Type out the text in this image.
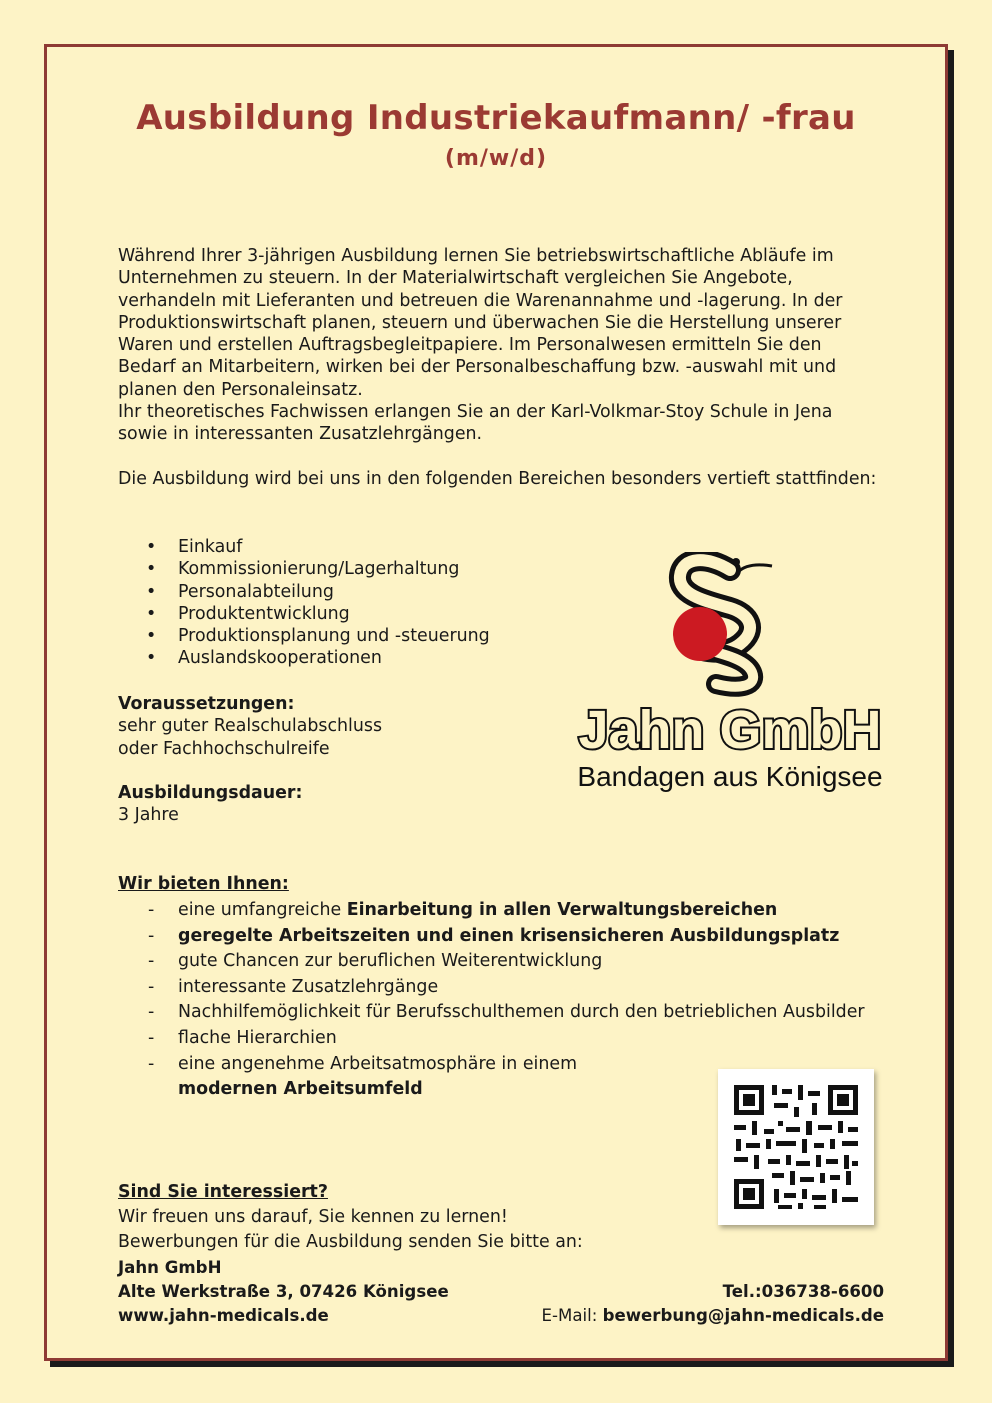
Ausbildung Industriekaufmann/ -frau
(m/w/d)

Während Ihrer 3-jährigen Ausbildung lernen Sie betriebswirtschaftliche Abläufe im Unternehmen zu steuern. In der Materialwirtschaft vergleichen Sie Angebote, verhandeln mit Lieferanten und betreuen die Warenannahme und -lagerung. In der Produktionswirtschaft planen, steuern und überwachen Sie die Herstellung unserer Waren und erstellen Auftragsbegleitpapiere. Im Personalwesen ermitteln Sie den Bedarf an Mitarbeitern, wirken bei der Personalbeschaffung bzw. -auswahl mit und planen den Personaleinsatz.

Ihr theoretisches Fachwissen erlangen Sie an der Karl-Volkmar-Stoy Schule in Jena sowie in interessanten Zusatzlehrgängen.

Die Ausbildung wird bei uns in den folgenden Bereichen besonders vertieft stattfinden:

• Einkauf
• Kommissionierung/Lagerhaltung
• Personalabteilung
• Produktentwicklung
• Produktionsplanung und -steuerung
• Auslandskooperationen
Voraussetzungen:
sehr guter Realschulabschluss
oder Fachhochschulreife
Ausbildungsdauer:
3 Jahre
Jahn GmbH
Bandagen aus Königsee
Wir bieten Ihnen:
- eine umfangreiche Einarbeitung in allen Verwaltungsbereichen
- geregelte Arbeitszeiten und einen krisensicheren Ausbildungsplatz
- gute Chancen zur beruflichen Weiterentwicklung
- interessante Zusatzlehrgänge
- Nachhilfemöglichkeit für Berufsschulthemen durch den betrieblichen Ausbilder
- flache Hierarchien
- eine angenehme Arbeitsatmosphäre in einem
modernen Arbeitsumfeld
Sind Sie interessiert?
Wir freuen uns darauf, Sie kennen zu lernen!
Bewerbungen für die Ausbildung senden Sie bitte an:
Jahn GmbH
Alte Werkstraße 3, 07426 Königsee
www.jahn-medicals.de
Tel.:036738-6600
E-Mail: bewerbung@jahn-medicals.de
